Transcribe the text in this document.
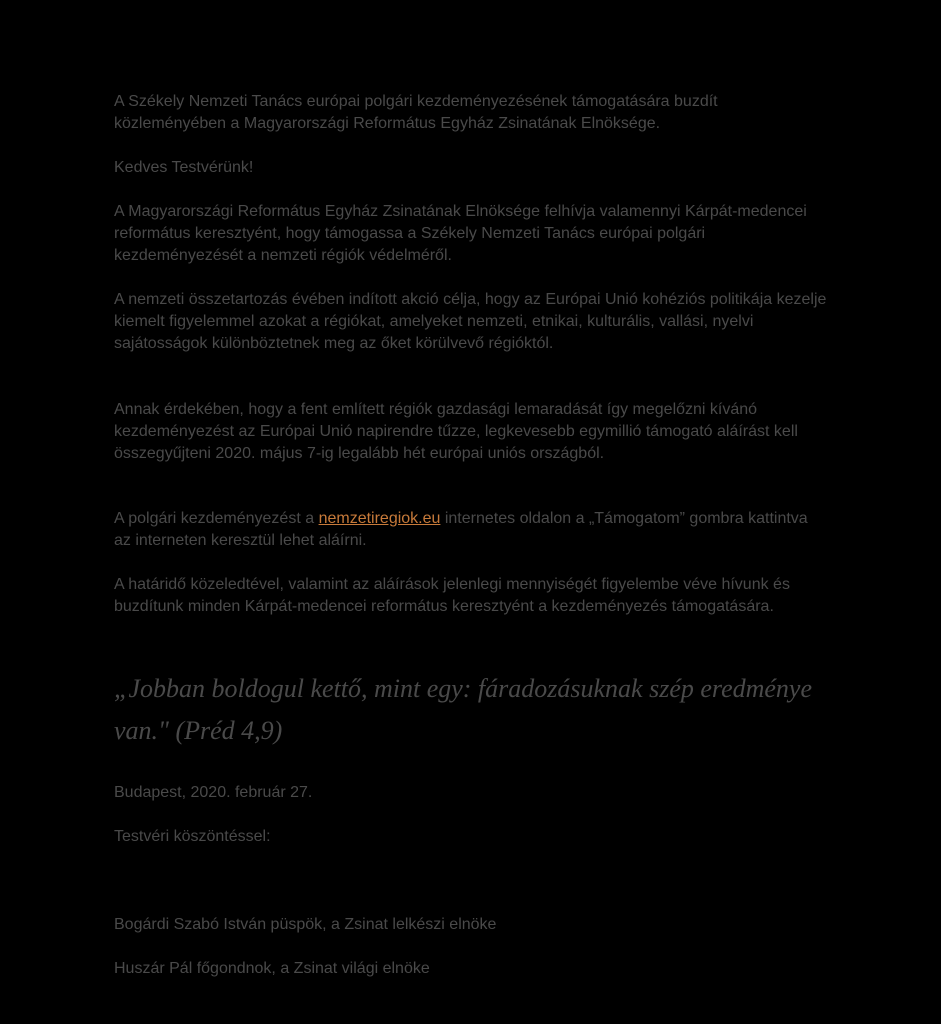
A Székely Nemzeti Tanács európai polgári kezdeményezésének támogatására buzdít közleményében a Magyarországi Református Egyház Zsinatának Elnöksége.

Kedves Testvérünk!

A Magyarországi Református Egyház Zsinatának Elnöksége felhívja valamennyi Kárpát-medencei református keresztyént, hogy támogassa a Székely Nemzeti Tanács európai polgári kezdeményezését a nemzeti régiók védelméről.

A nemzeti összetartozás évében indított akció célja, hogy az Európai Unió kohéziós politikája kezelje kiemelt figyelemmel azokat a régiókat, amelyeket nemzeti, etnikai, kulturális, vallási, nyelvi sajátosságok különböztetnek meg az őket körülvevő régióktól.

Annak érdekében, hogy a fent említett régiók gazdasági lemaradását így megelőzni kívánó kezdeményezést az Európai Unió napirendre tűzze, legkevesebb egymillió támogató aláírást kell összegyűjteni 2020. május 7-ig legalább hét európai uniós országból.

A polgári kezdeményezést a nemzetiregiok.eu internetes oldalon a „Támogatom” gombra kattintva az interneten keresztül lehet aláírni.

A határidő közeledtével, valamint az aláírások jelenlegi mennyiségét figyelembe véve hívunk és buzdítunk minden Kárpát-medencei református keresztyént a kezdeményezés támogatására.

„Jobban boldogul kettő, mint egy: fáradozásuknak szép eredménye van." (Préd 4,9)

Budapest, 2020. február 27.

Testvéri köszöntéssel:

Bogárdi Szabó István püspök, a Zsinat lelkészi elnöke

Huszár Pál főgondnok, a Zsinat világi elnöke
